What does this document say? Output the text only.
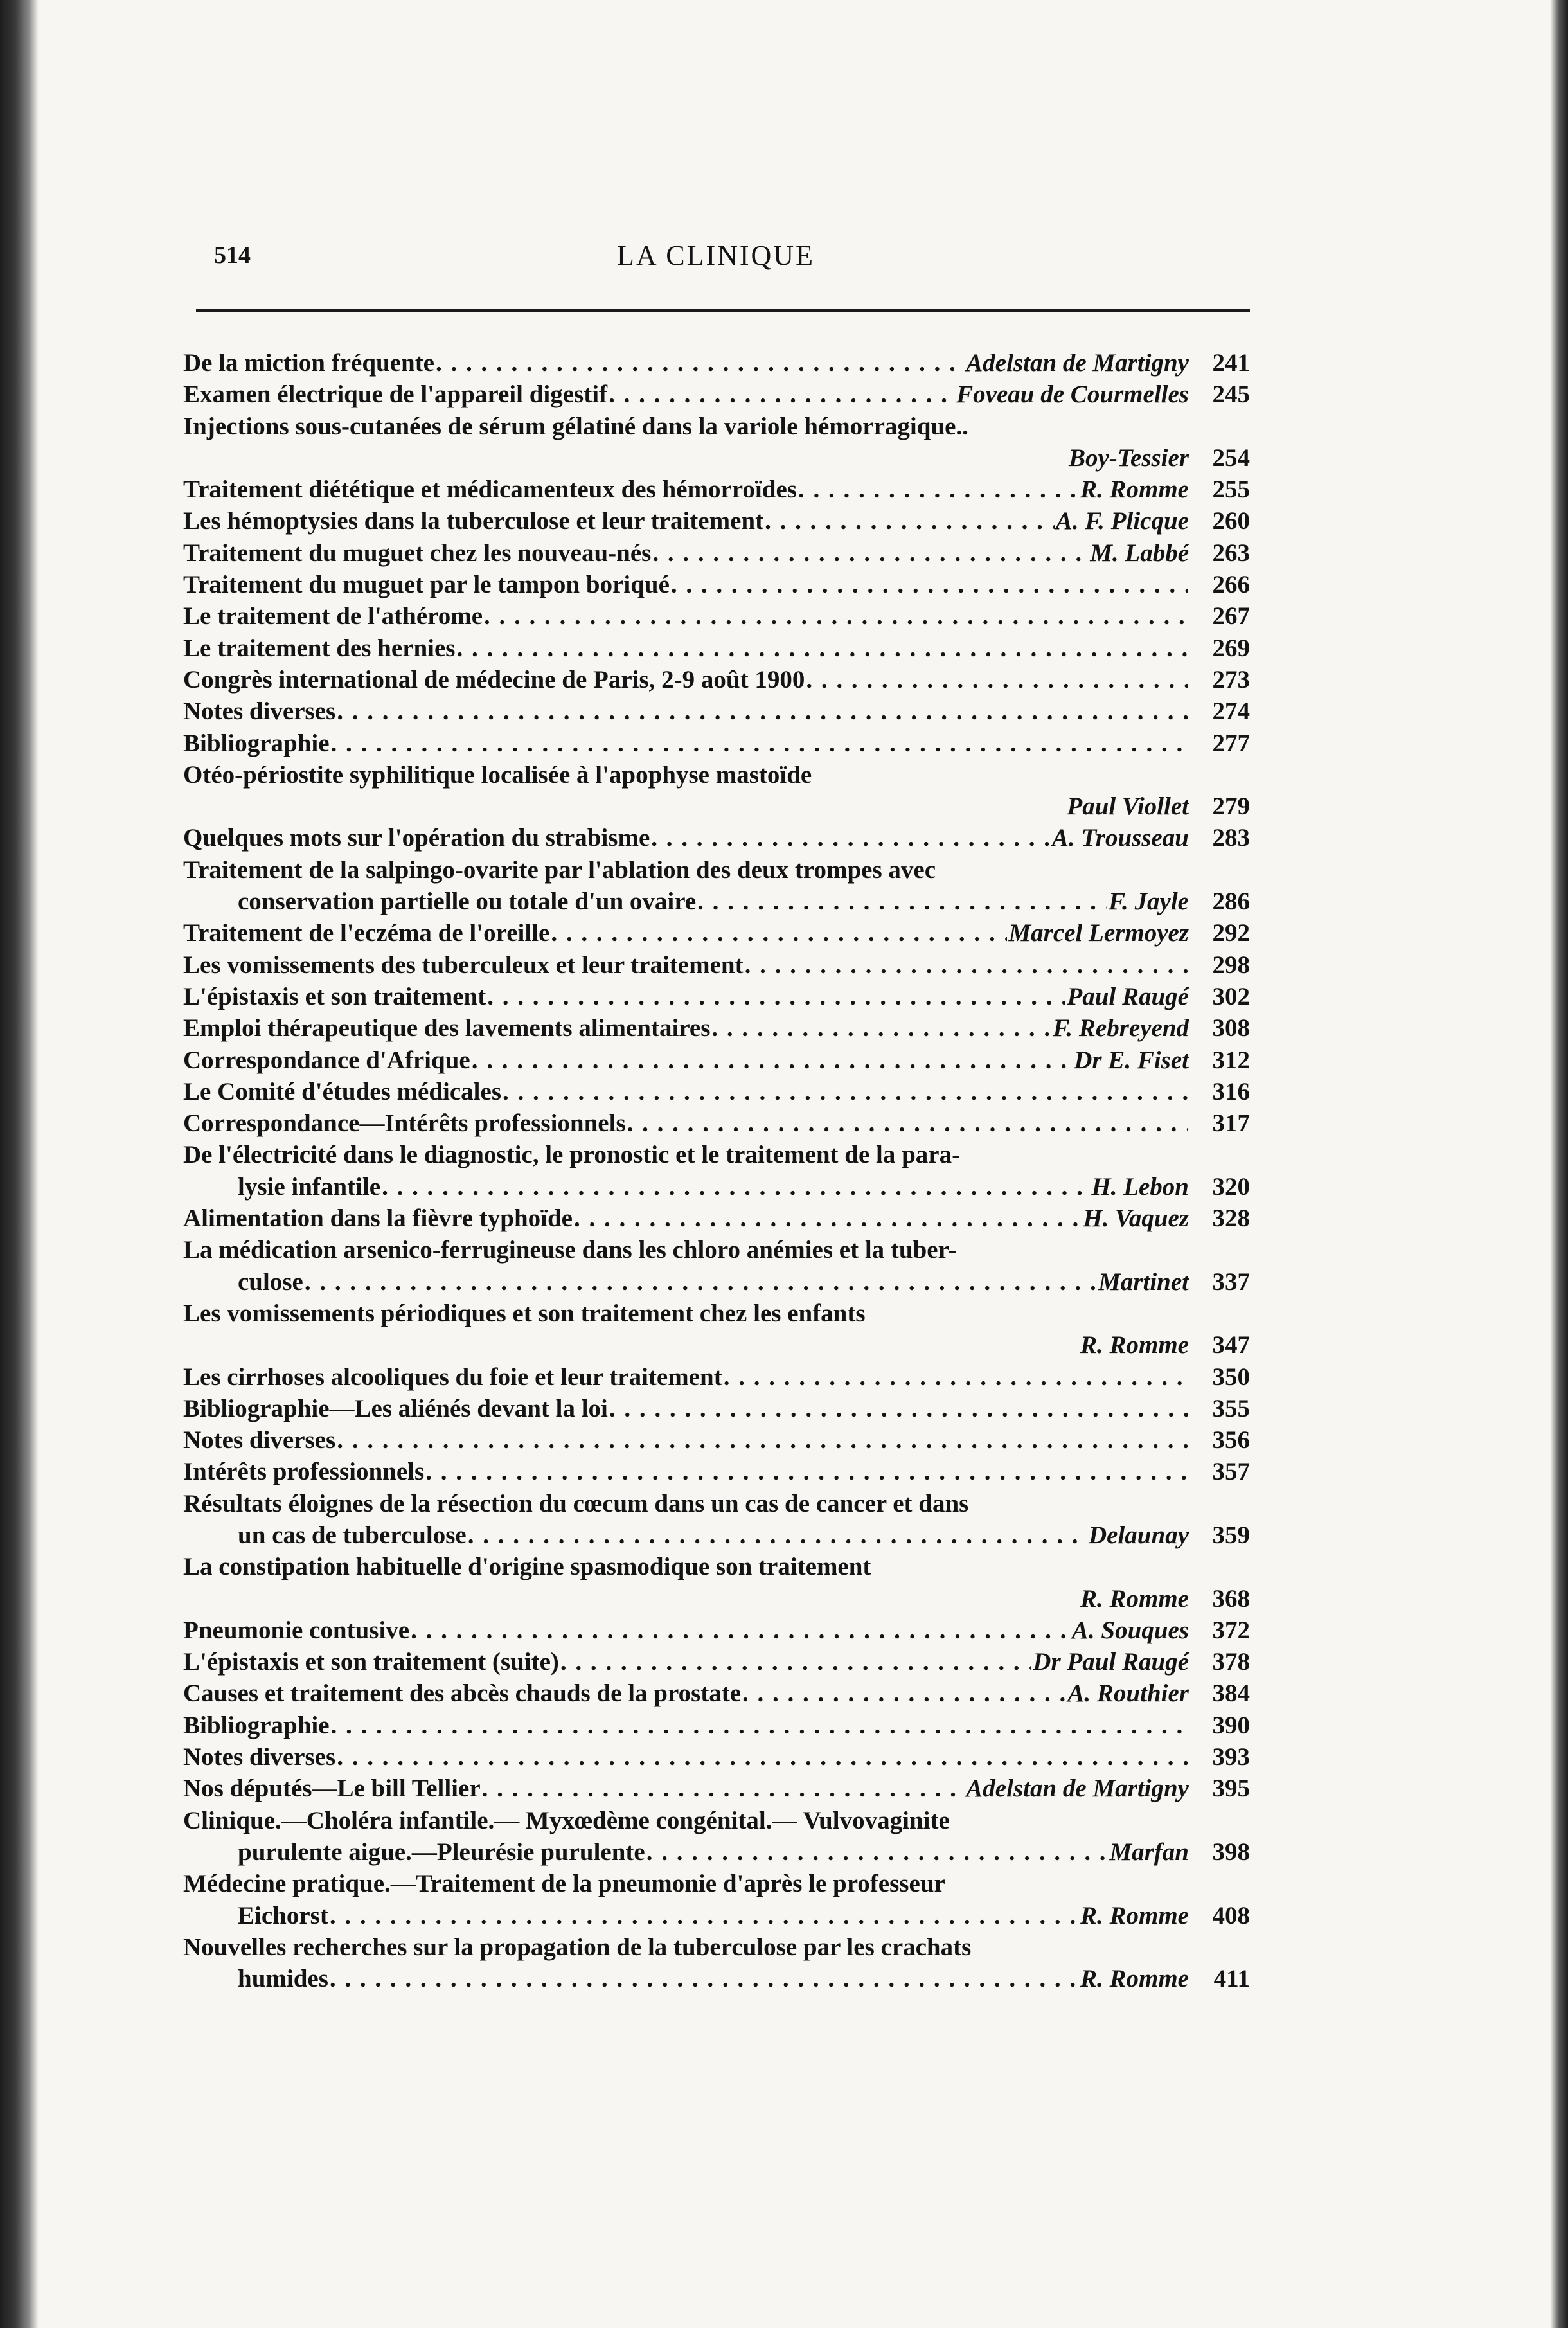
514	LA CLINIQUE
De la miction fréquente . . .	Adelstan de Martigny 241
Examen électrique de l'appareil digestif . . .	Foveau de Courmelles 245
Injections sous-cutanées de sérum gélatiné dans la variole hémorragique..
Boy-Tessier 254
Traitement diététique et médicamenteux des hémorroïdes . . .	R. Romme 255
Les hémoptysies dans la tuberculose et leur traitement . . .	A. F. Plicque 260
Traitement du muguet chez les nouveau-nés . . .	M. Labbé 263
Traitement du muguet par le tampon boriqué . . .	266
Le traitement de l'athérome . . .	267
Le traitement des hernies . . .	269
Congrès international de médecine de Paris, 2-9 août 1900 . . .	273
Notes diverses . . .	274
Bibliographie . . .	277
Otéo-périostite syphilitique localisée à l'apophyse mastoïde
Paul Viollet 279
Quelques mots sur l'opération du strabisme . . .	A. Trousseau 283
Traitement de la salpingo-ovarite par l'ablation des deux trompes avec
conservation partielle ou totale d'un ovaire . . .	F. Jayle 286
Traitement de l'eczéma de l'oreille . . .	Marcel Lermoyez 292
Les vomissements des tuberculeux et leur traitement . . .	298
L'épistaxis et son traitement . . .	Paul Raugé 302
Emploi thérapeutique des lavements alimentaires . . .	F. Rebreyend 308
Correspondance d'Afrique . . .	Dr E. Fiset 312
Le Comité d'études médicales . . .	316
Correspondance—Intérêts professionnels . . .	317
De l'électricité dans le diagnostic, le pronostic et le traitement de la para-
lysie infantile . . .	H. Lebon 320
Alimentation dans la fièvre typhoïde . . .	H. Vaquez 328
La médication arsenico-ferrugineuse dans les chloro anémies et la tuber-
culose . . .	Martinet 337
Les vomissements périodiques et son traitement chez les enfants
R. Romme 347
Les cirrhoses alcooliques du foie et leur traitement . . .	350
Bibliographie—Les aliénés devant la loi . . .	355
Notes diverses . . .	356
Intérêts professionnels . . .	357
Résultats éloignes de la résection du cœcum dans un cas de cancer et dans
un cas de tuberculose . . .	Delaunay 359
La constipation habituelle d'origine spasmodique son traitement
R. Romme 368
Pneumonie contusive . . .	A. Souques 372
L'épistaxis et son traitement (suite) . . .	Dr Paul Raugé 378
Causes et traitement des abcès chauds de la prostate . . .	A. Routhier 384
Bibliographie . . .	390
Notes diverses . . .	393
Nos députés—Le bill Tellier . . .	Adelstan de Martigny 395
Clinique.—Choléra infantile.— Myxœdème congénital.— Vulvovaginite
purulente aigue.—Pleurésie purulente . . .	Marfan 398
Médecine pratique.—Traitement de la pneumonie d'après le professeur
Eichorst . . .	R. Romme 408
Nouvelles recherches sur la propagation de la tuberculose par les crachats
humides . . .	R. Romme 411
